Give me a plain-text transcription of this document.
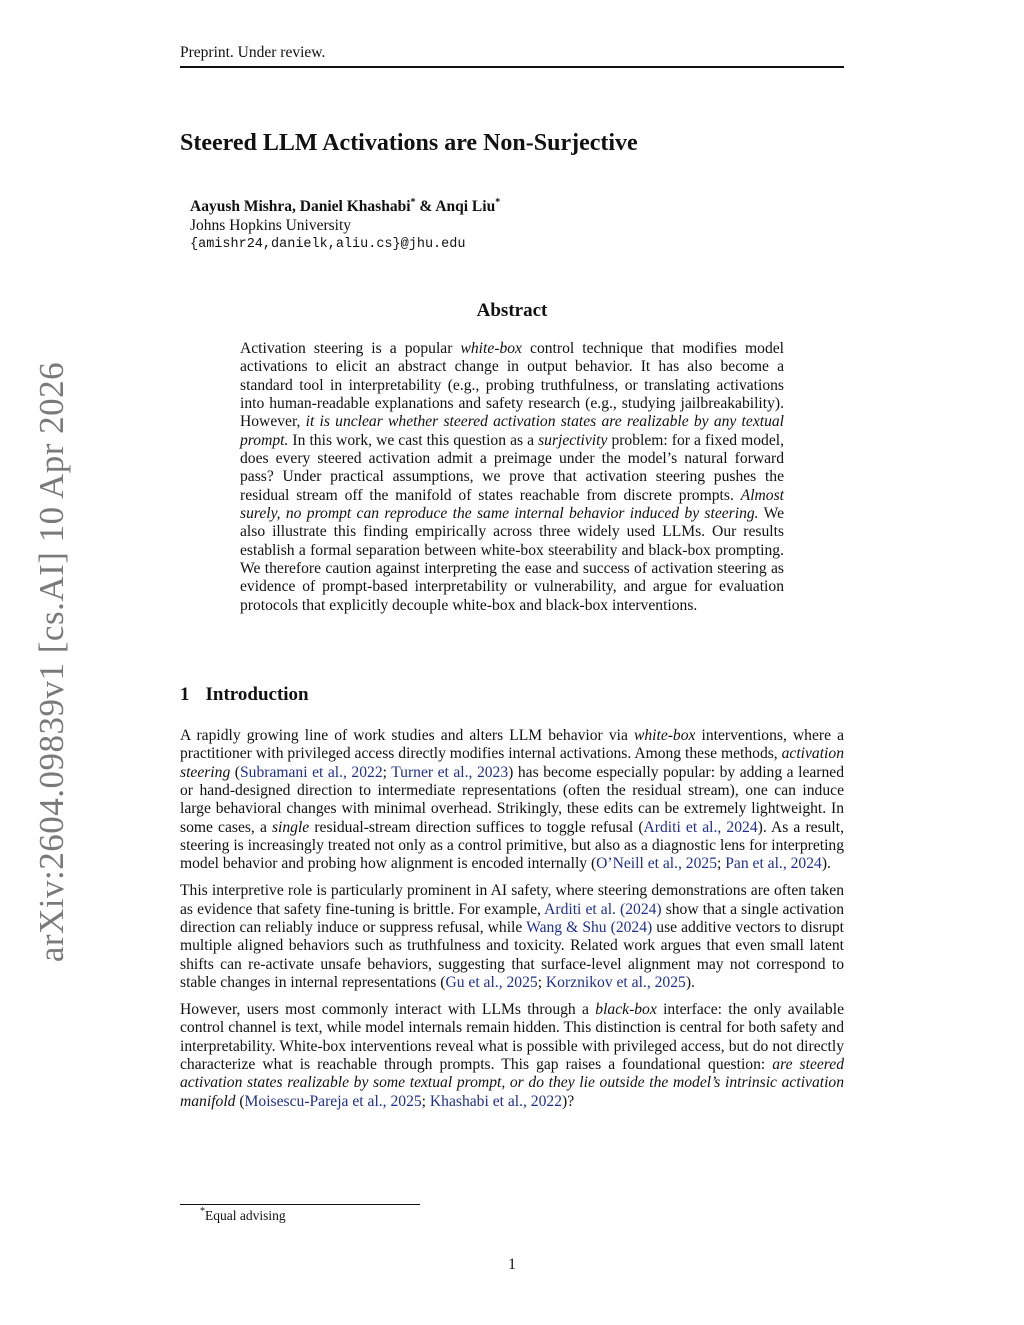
Preprint. Under review.
arXiv:2604.09839v1 [cs.AI] 10 Apr 2026
Steered LLM Activations are Non-Surjective
Aayush Mishra, Daniel Khashabi* & Anqi Liu*
Johns Hopkins University
{amishr24,danielk,aliu.cs}@jhu.edu
Abstract
Activation steering is a popular white-box control technique that modifies model activations to elicit an abstract change in output behavior. It has also become a standard tool in interpretability (e.g., probing truthfulness, or translating activations into human-readable explanations and safety research (e.g., studying jailbreakability). However, it is unclear whether steered activation states are realizable by any textual prompt. In this work, we cast this question as a surjectivity problem: for a fixed model, does every steered activation admit a preimage under the model’s natural forward pass? Under practical assumptions, we prove that activation steering pushes the residual stream off the manifold of states reachable from discrete prompts. Almost surely, no prompt can reproduce the same internal behavior induced by steering. We also illustrate this finding empirically across three widely used LLMs. Our results establish a formal separation between white-box steerability and black-box prompting. We therefore caution against interpreting the ease and success of activation steering as evidence of prompt-based interpretability or vulnerability, and argue for evaluation protocols that explicitly decouple white-box and black-box interventions.
1 Introduction

A rapidly growing line of work studies and alters LLM behavior via white-box interventions, where a practitioner with privileged access directly modifies internal activations. Among these methods, activation steering (Subramani et al., 2022; Turner et al., 2023) has become especially popular: by adding a learned or hand-designed direction to intermediate representations (often the residual stream), one can induce large behavioral changes with minimal overhead. Strikingly, these edits can be extremely lightweight. In some cases, a single residual-stream direction suffices to toggle refusal (Arditi et al., 2024). As a result, steering is increasingly treated not only as a control primitive, but also as a diagnostic lens for interpreting model behavior and probing how alignment is encoded internally (O’Neill et al., 2025; Pan et al., 2024).

This interpretive role is particularly prominent in AI safety, where steering demonstrations are often taken as evidence that safety fine-tuning is brittle. For example, Arditi et al. (2024) show that a single activation direction can reliably induce or suppress refusal, while Wang & Shu (2024) use additive vectors to disrupt multiple aligned behaviors such as truthfulness and toxicity. Related work argues that even small latent shifts can re-activate unsafe behaviors, suggesting that surface-level alignment may not correspond to stable changes in internal representations (Gu et al., 2025; Korznikov et al., 2025).

However, users most commonly interact with LLMs through a black-box interface: the only available control channel is text, while model internals remain hidden. This distinction is central for both safety and interpretability. White-box interventions reveal what is possible with privileged access, but do not directly characterize what is reachable through prompts. This gap raises a foundational question: are steered activation states realizable by some textual prompt, or do they lie outside the model’s intrinsic activation manifold (Moisescu-Pareja et al., 2025; Khashabi et al., 2022)?

*Equal advising
1
